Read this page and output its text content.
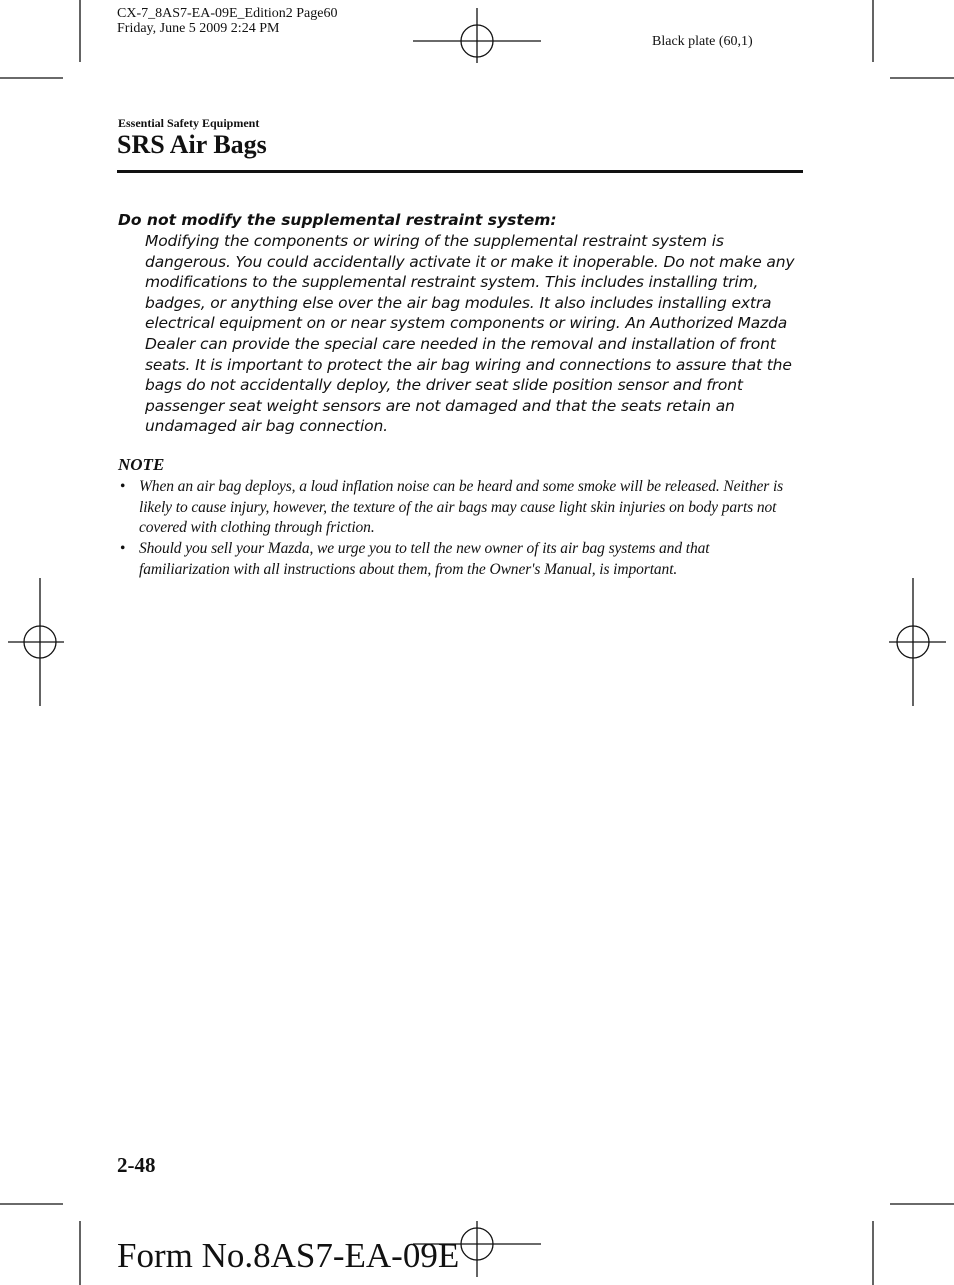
CX-7_8AS7-EA-09E_Edition2 Page60
Friday, June 5 2009 2:24 PM
Black plate (60,1)
Essential Safety Equipment
SRS Air Bags
Do not modify the supplemental restraint system:

Modifying the components or wiring of the supplemental restraint system is dangerous. You could accidentally activate it or make it inoperable. Do not make any modifications to the supplemental restraint system. This includes installing trim, badges, or anything else over the air bag modules. It also includes installing extra electrical equipment on or near system components or wiring. An Authorized Mazda Dealer can provide the special care needed in the removal and installation of front seats. It is important to protect the air bag wiring and connections to assure that the bags do not accidentally deploy, the driver seat slide position sensor and front passenger seat weight sensors are not damaged and that the seats retain an undamaged air bag connection.

NOTE
• When an air bag deploys, a loud inflation noise can be heard and some smoke will be released. Neither is likely to cause injury, however, the texture of the air bags may cause light skin injuries on body parts not covered with clothing through friction.
• Should you sell your Mazda, we urge you to tell the new owner of its air bag systems and that familiarization with all instructions about them, from the Owner's Manual, is important.
2-48
Form No.8AS7-EA-09E
